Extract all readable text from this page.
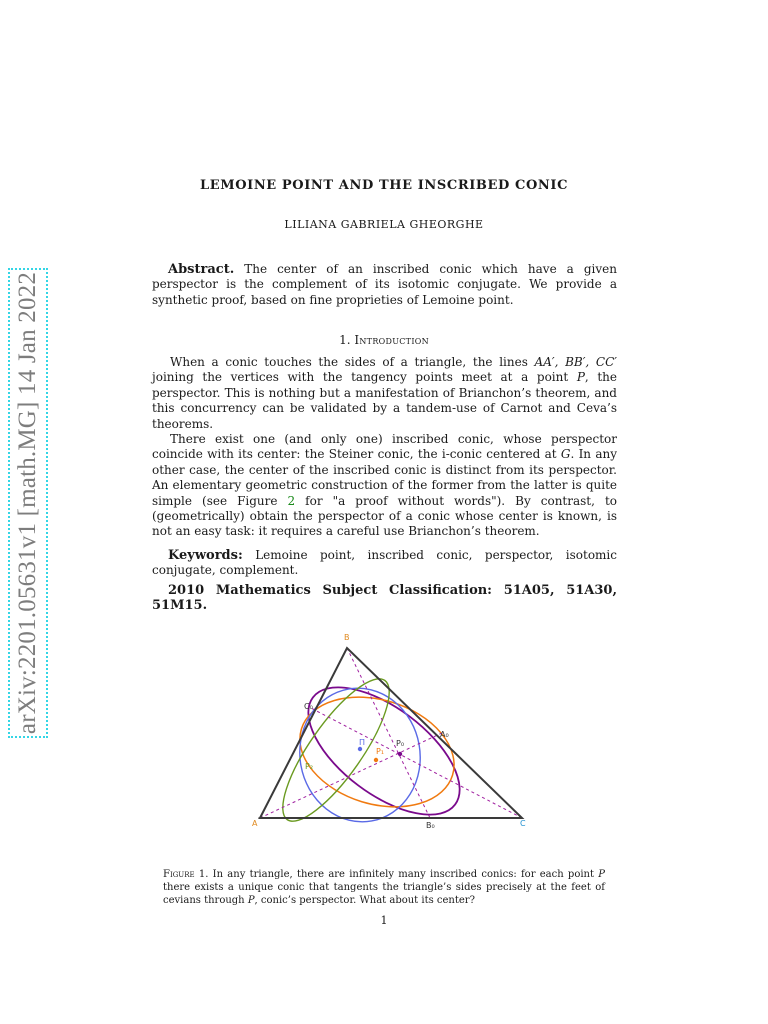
arXiv:2201.05631v1 [math.MG] 14 Jan 2022
LEMOINE POINT AND THE INSCRIBED CONIC
LILIANA GABRIELA GHEORGHE
Abstract. The center of an inscribed conic which have a given perspector is the complement of its isotomic conjugate. We provide a synthetic proof, based on fine proprieties of Lemoine point.
1. Introduction

When a conic touches the sides of a triangle, the lines AA′, BB′, CC′ joining the vertices with the tangency points meet at a point P, the perspector. This is nothing but a manifestation of Brianchon’s theorem, and this concurrency can be validated by a tandem-use of Carnot and Ceva’s theorems.

There exist one (and only one) inscribed conic, whose perspector coincide with its center: the Steiner conic, the i-conic centered at G. In any other case, the center of the inscribed conic is distinct from its perspector. An elementary geometric construction of the former from the latter is quite simple (see Figure 2 for "a proof without words"). By contrast, to (geometrically) obtain the perspector of a conic whose center is known, is not an easy task: it requires a careful use Brianchon’s theorem.

Keywords: Lemoine point, inscribed conic, perspector, isotomic conjugate, complement.
2010 Mathematics Subject Classification: 51A05, 51A30, 51M15.
B
A	C
C₀
A₀
B₀
P₀
P₁
P₂
Π
Figure 1. In any triangle, there are infinitely many inscribed conics: for each point P there exists a unique conic that tangents the triangle’s sides precisely at the feet of cevians through P, conic’s perspector. What about its center?
1
